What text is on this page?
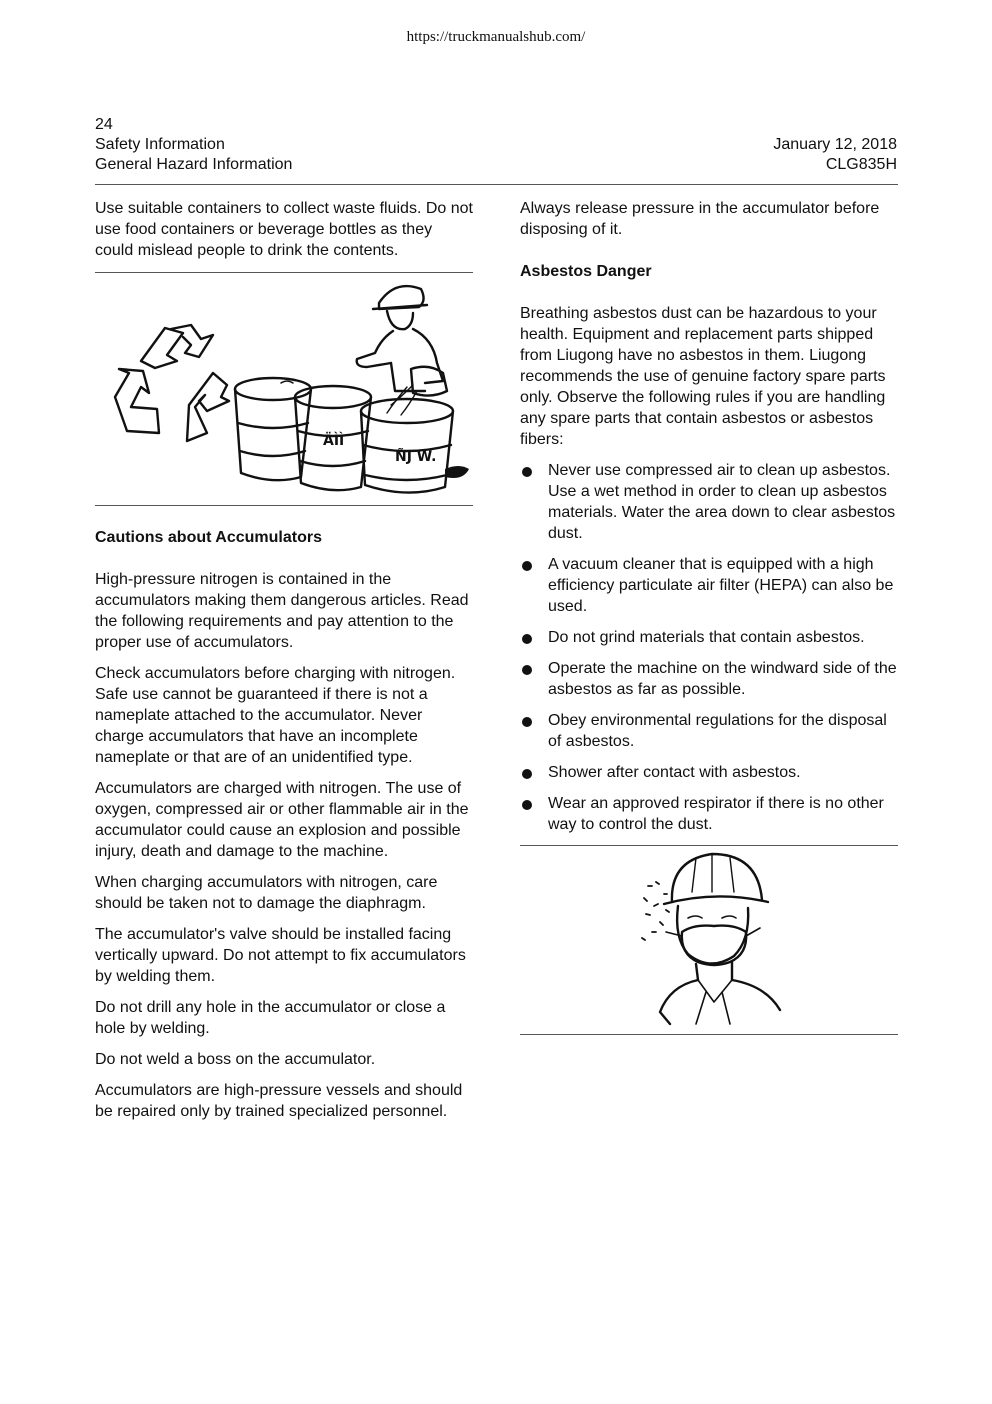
https://truckmanualshub.com/
24
Safety Information
General Hazard Information
January 12, 2018
CLG835H

Use suitable containers to collect waste fluids. Do not use food containers or beverage bottles as they could mislead people to drink the contents.

ÄÌÌ
ÑJ W.
Cautions about Accumulators

High-pressure nitrogen is contained in the accumulators making them dangerous articles. Read the following requirements and pay attention to the proper use of accumulators.

Check accumulators before charging with nitrogen. Safe use cannot be guaranteed if there is not a nameplate attached to the accumulator. Never charge accumulators that have an incomplete nameplate or that are of an unidentified type.

Accumulators are charged with nitrogen. The use of oxygen, compressed air or other flammable air in the accumulator could cause an explosion and possible injury, death and damage to the machine.

When charging accumulators with nitrogen, care should be taken not to damage the diaphragm.

The accumulator's valve should be installed facing vertically upward. Do not attempt to fix accumulators by welding them.

Do not drill any hole in the accumulator or close a hole by welding.

Do not weld a boss on the accumulator.

Accumulators are high-pressure vessels and should be repaired only by trained specialized personnel.

Always release pressure in the accumulator before disposing of it.

Asbestos Danger

Breathing asbestos dust can be hazardous to your health. Equipment and replacement parts shipped from Liugong have no asbestos in them. Liugong recommends the use of genuine factory spare parts only. Observe the following rules if you are handling any spare parts that contain asbestos or asbestos fibers:

Never use compressed air to clean up asbestos. Use a wet method in order to clean up asbestos materials. Water the area down to clear asbestos dust.
A vacuum cleaner that is equipped with a high efficiency particulate air filter (HEPA) can also be used.
Do not grind materials that contain asbestos.
Operate the machine on the windward side of the asbestos as far as possible.
Obey environmental regulations for the disposal of asbestos.
Shower after contact with asbestos.
Wear an approved respirator if there is no other way to control the dust.
